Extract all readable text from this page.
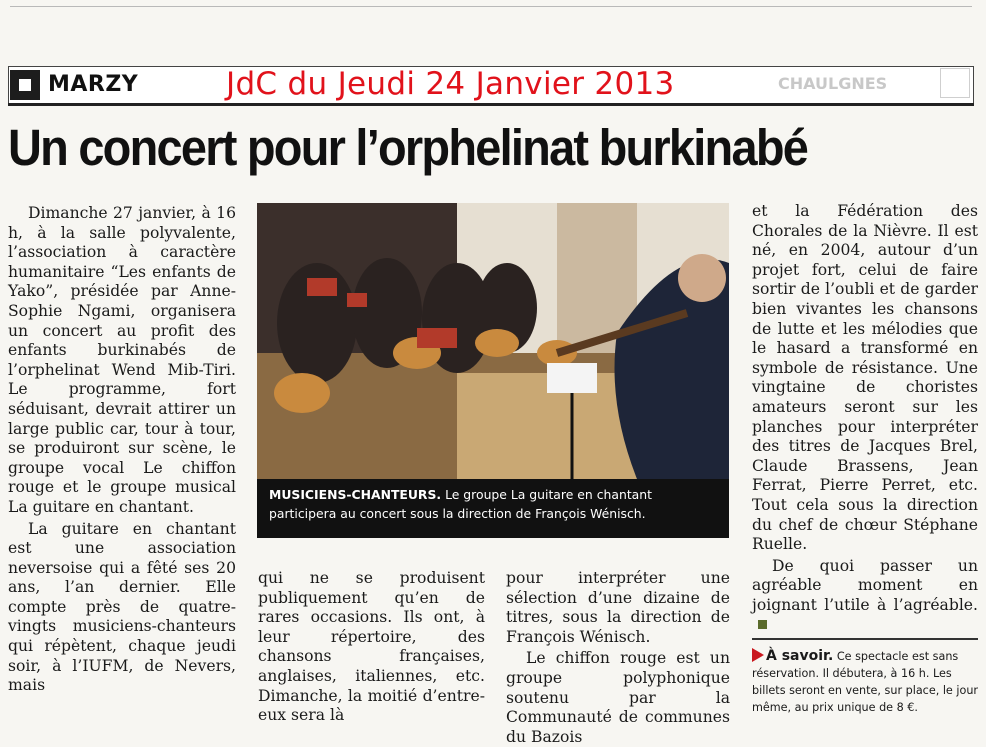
MARZY	JdC du Jeudi 24 Janvier 2013	CHAULGNES
Un concert pour l’orphelinat burkinabé

Dimanche 27 janvier, à 16 h, à la salle polyvalente, l’association à caractère humanitaire “Les enfants de Yako”, présidée par Anne-Sophie Ngami, organisera un concert au profit des enfants burkinabés de l’orphelinat Wend Mib-Tiri. Le programme, fort séduisant, devrait attirer un large public car, tour à tour, se produiront sur scène, le groupe vocal Le chiffon rouge et le groupe musical La guitare en chantant.

La guitare en chantant est une association neversoise qui a fêté ses 20 ans, l’an dernier. Elle compte près de quatre-vingts musiciens-chanteurs qui répètent, chaque jeudi soir, à l’IUFM, de Nevers, mais

MUSICIENS-CHANTEURS. Le groupe La guitare en chantant participera au concert sous la direction de François Wénisch.

qui ne se produisent publiquement qu’en de rares occasions. Ils ont, à leur répertoire, des chansons françaises, anglaises, italiennes, etc. Dimanche, la moitié d’entre-eux sera là

pour interpréter une sélection d’une dizaine de titres, sous la direction de François Wénisch.

Le chiffon rouge est un groupe polyphonique soutenu par la Communauté de communes du Bazois

et la Fédération des Chorales de la Nièvre. Il est né, en 2004, autour d’un projet fort, celui de faire sortir de l’oubli et de garder bien vivantes les chansons de lutte et les mélodies que le hasard a transformé en symbole de résistance. Une vingtaine de choristes amateurs seront sur les planches pour interpréter des titres de Jacques Brel, Claude Brassens, Jean Ferrat, Pierre Perret, etc. Tout cela sous la direction du chef de chœur Stéphane Ruelle.

De quoi passer un agréable moment en joignant l’utile à l’agréable.

À savoir. Ce spectacle est sans réservation. Il débutera, à 16 h. Les billets seront en vente, sur place, le jour même, au prix unique de 8 €.
